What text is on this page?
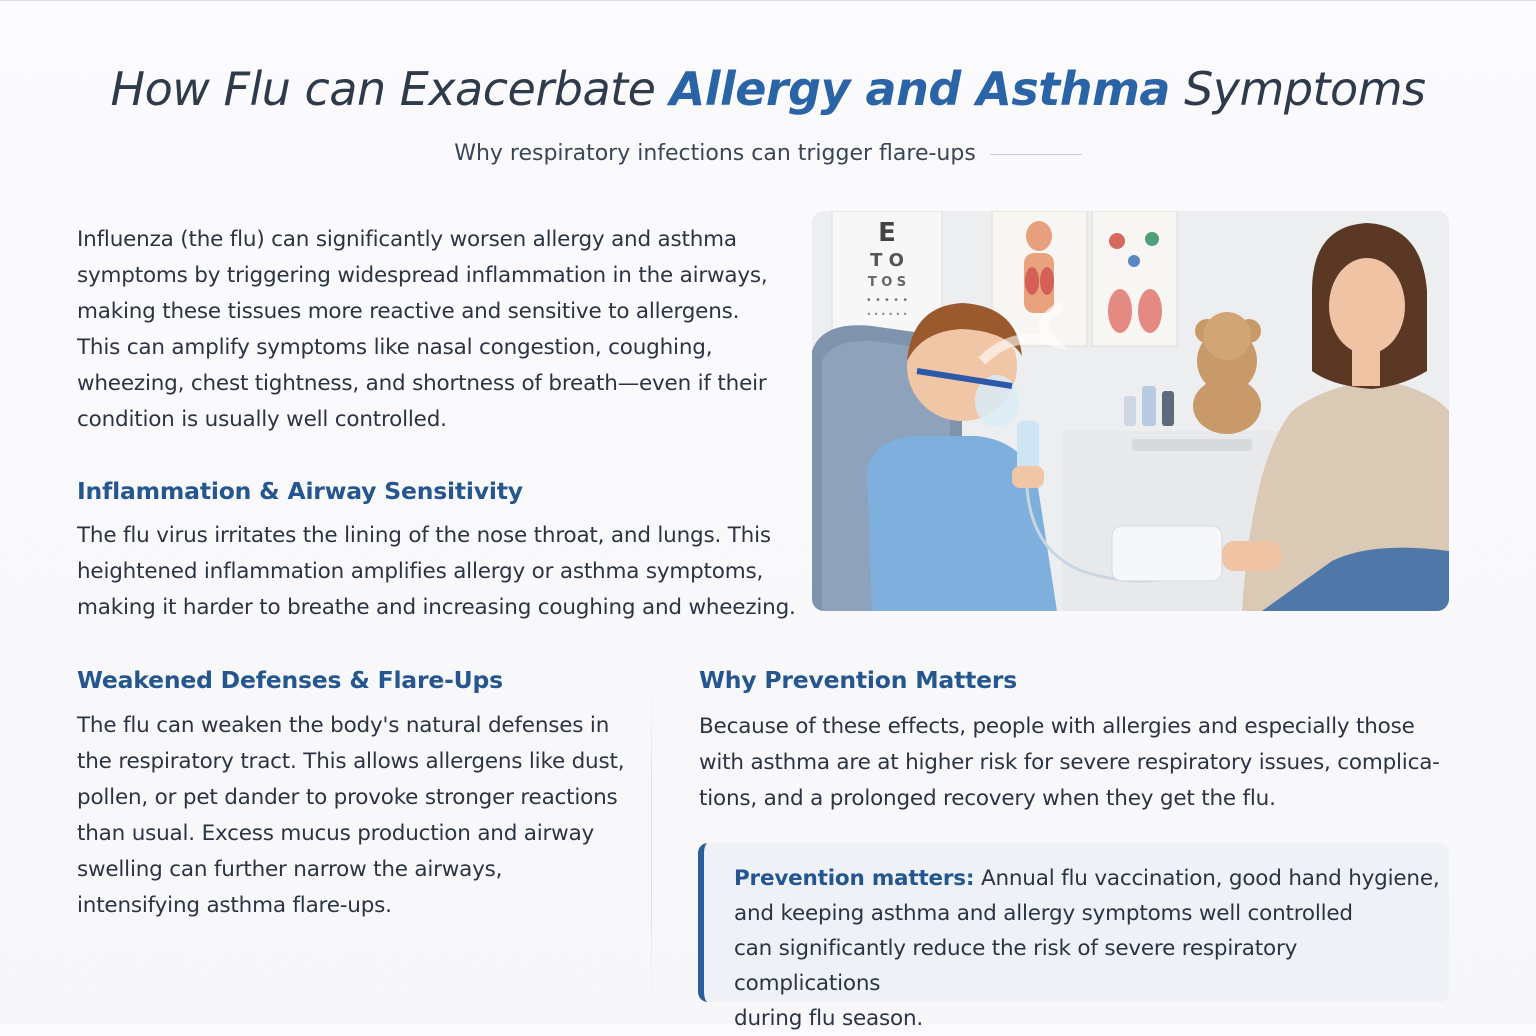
How Flu can Exacerbate Allergy and Asthma Symptoms
Why respiratory infections can trigger flare-ups

Influenza (the flu) can significantly worsen allergy and asthma
symptoms by triggering widespread inflammation in the airways,
making these tissues more reactive and sensitive to allergens.
This can amplify symptoms like nasal congestion, coughing,
wheezing, chest tightness, and shortness of breath—even if their
condition is usually well controlled.

E
T O
T O S
• • • • •
• • • • • •
Inflammation & Airway Sensitivity

The flu virus irritates the lining of the nose throat, and lungs. This
heightened inflammation amplifies allergy or asthma symptoms,
making it harder to breathe and increasing coughing and wheezing.

Weakened Defenses & Flare-Ups

The flu can weaken the body's natural defenses in
the respiratory tract. This allows allergens like dust,
pollen, or pet dander to provoke stronger reactions
than usual. Excess mucus production and airway
swelling can further narrow the airways,
intensifying asthma flare-ups.

Why Prevention Matters

Because of these effects, people with allergies and especially those
with asthma are at higher risk for severe respiratory issues, complica-
tions, and a prolonged recovery when they get the flu.

Prevention matters: Annual flu vaccination, good hand hygiene,
and keeping asthma and allergy symptoms well controlled
can significantly reduce the risk of severe respiratory complications
during flu season.
